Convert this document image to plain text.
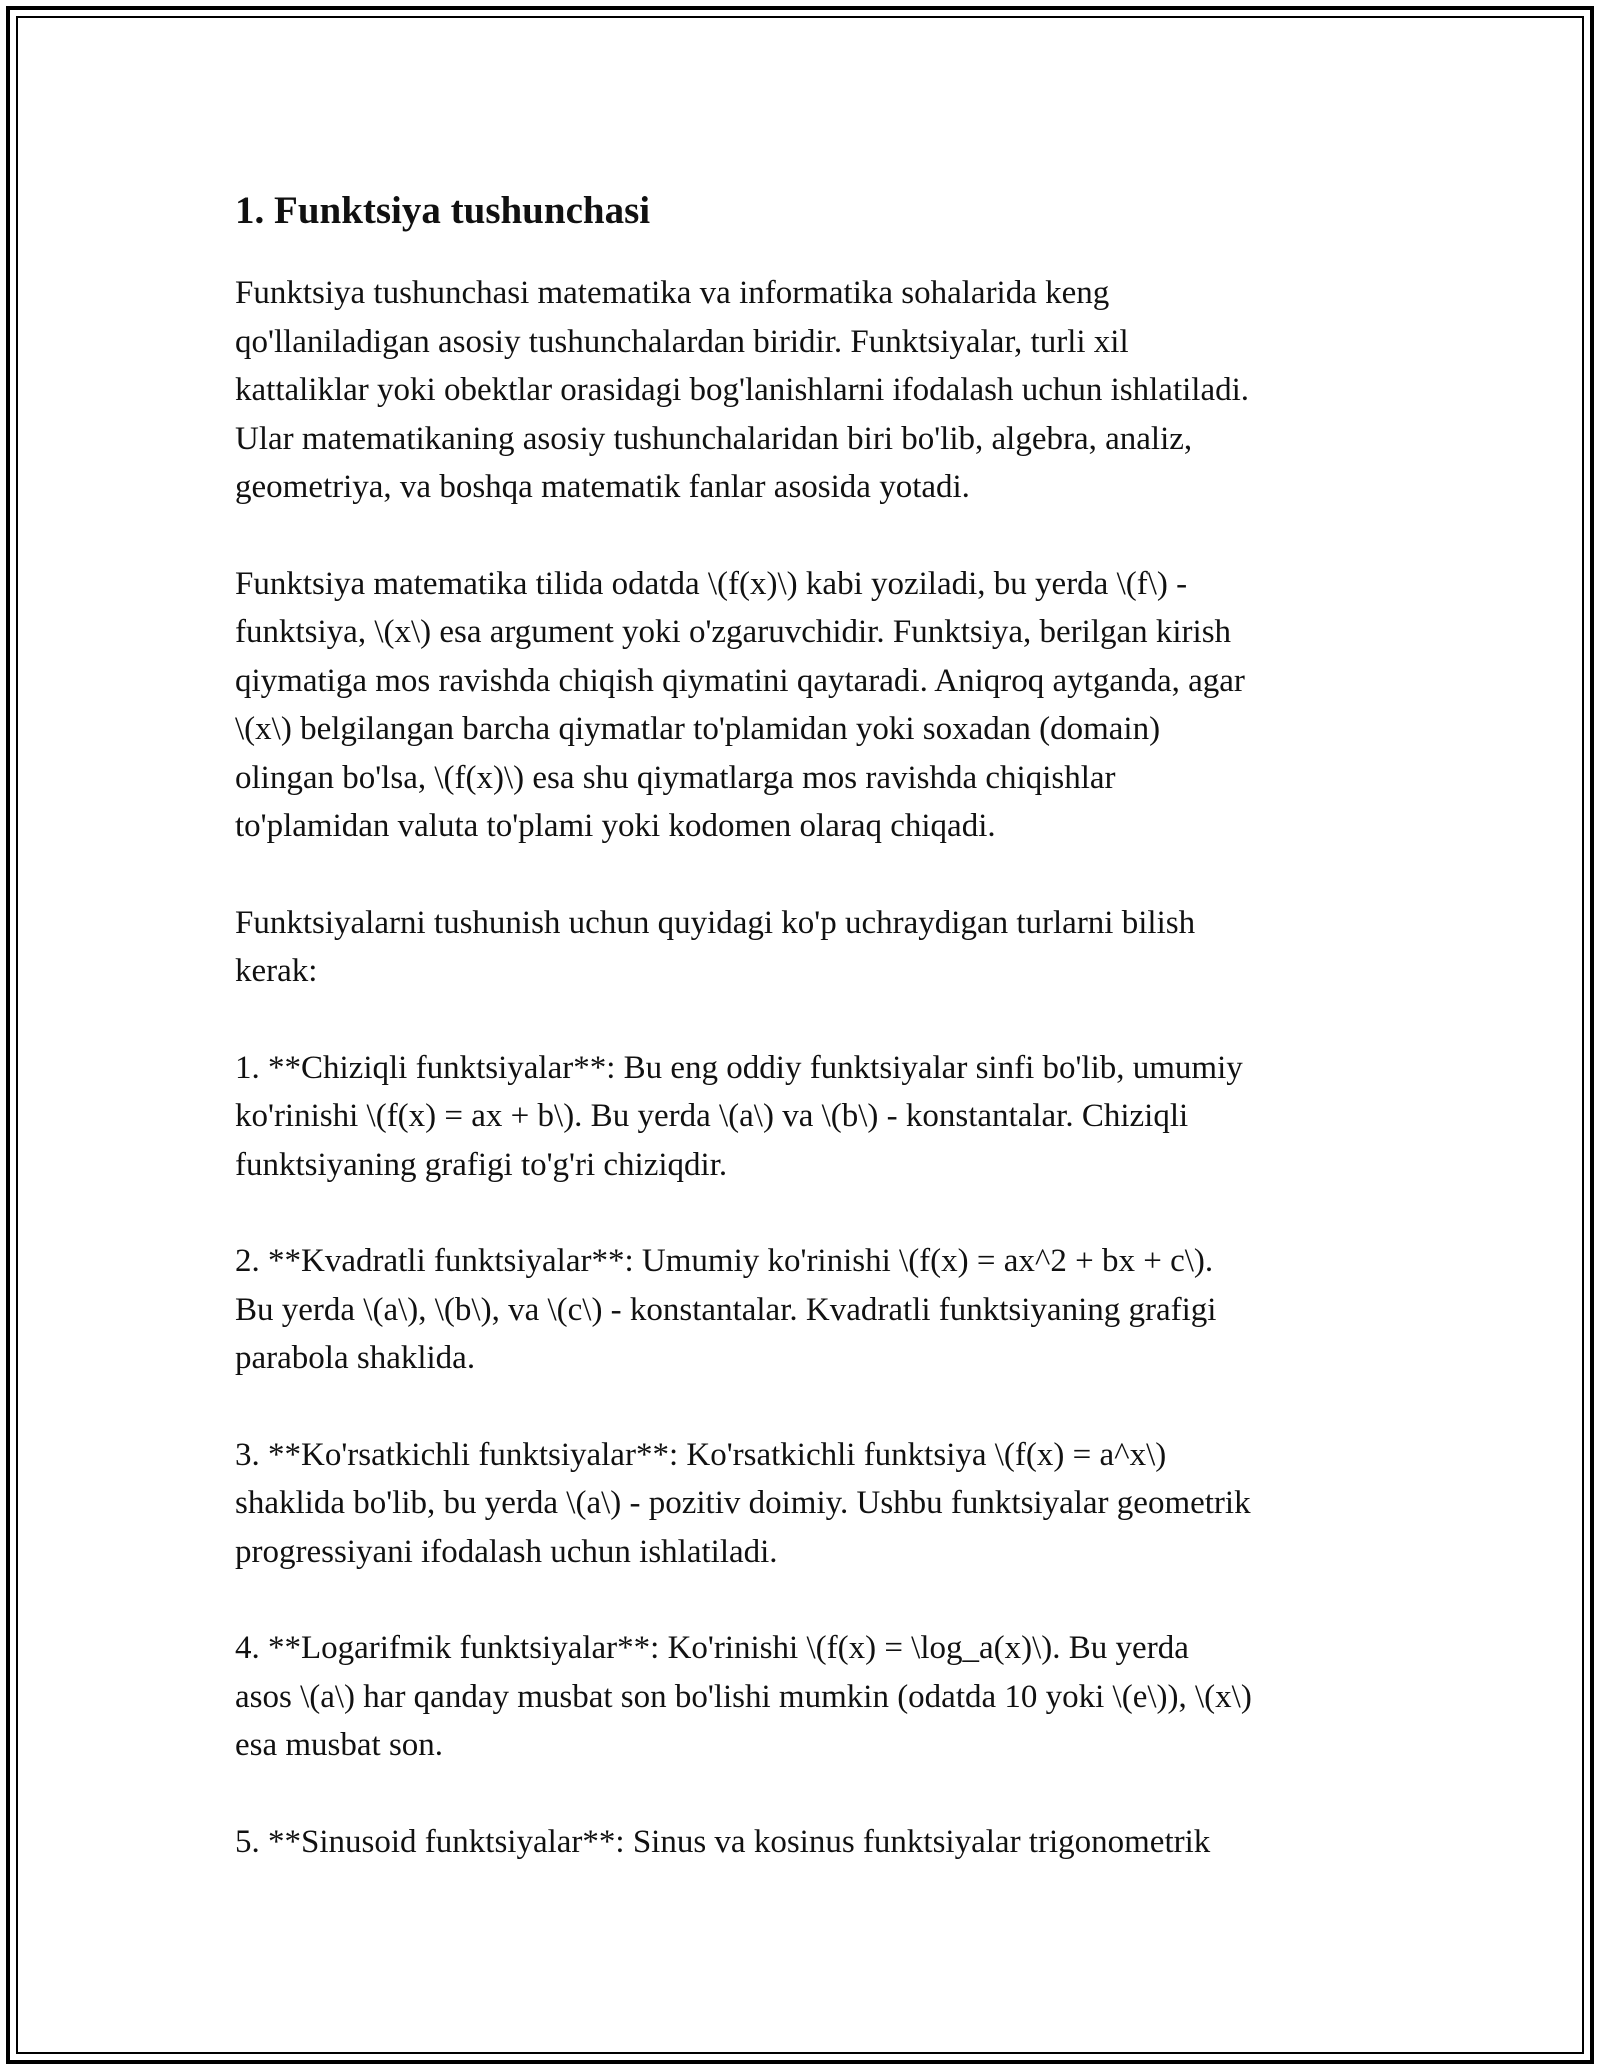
1. Funktsiya tushunchasi

Funktsiya tushunchasi matematika va informatika sohalarida keng
qo'llaniladigan asosiy tushunchalardan biridir. Funktsiyalar, turli xil
kattaliklar yoki obektlar orasidagi bog'lanishlarni ifodalash uchun ishlatiladi.
Ular matematikaning asosiy tushunchalaridan biri bo'lib, algebra, analiz,
geometriya, va boshqa matematik fanlar asosida yotadi.

Funktsiya matematika tilida odatda \(f(x)\) kabi yoziladi, bu yerda \(f\) -
funktsiya, \(x\) esa argument yoki o'zgaruvchidir. Funktsiya, berilgan kirish
qiymatiga mos ravishda chiqish qiymatini qaytaradi. Aniqroq aytganda, agar
\(x\) belgilangan barcha qiymatlar to'plamidan yoki soxadan (domain)
olingan bo'lsa, \(f(x)\) esa shu qiymatlarga mos ravishda chiqishlar
to'plamidan valuta to'plami yoki kodomen olaraq chiqadi.

Funktsiyalarni tushunish uchun quyidagi ko'p uchraydigan turlarni bilish
kerak:

1. **Chiziqli funktsiyalar**: Bu eng oddiy funktsiyalar sinfi bo'lib, umumiy
ko'rinishi \(f(x) = ax + b\). Bu yerda \(a\) va \(b\) - konstantalar. Chiziqli
funktsiyaning grafigi to'g'ri chiziqdir.

2. **Kvadratli funktsiyalar**: Umumiy ko'rinishi \(f(x) = ax^2 + bx + c\).
Bu yerda \(a\), \(b\), va \(c\) - konstantalar. Kvadratli funktsiyaning grafigi
parabola shaklida.

3. **Ko'rsatkichli funktsiyalar**: Ko'rsatkichli funktsiya \(f(x) = a^x\)
shaklida bo'lib, bu yerda \(a\) - pozitiv doimiy. Ushbu funktsiyalar geometrik
progressiyani ifodalash uchun ishlatiladi.

4. **Logarifmik funktsiyalar**: Ko'rinishi \(f(x) = \log_a(x)\). Bu yerda
asos \(a\) har qanday musbat son bo'lishi mumkin (odatda 10 yoki \(e\)), \(x\)
esa musbat son.

5. **Sinusoid funktsiyalar**: Sinus va kosinus funktsiyalar trigonometrik
